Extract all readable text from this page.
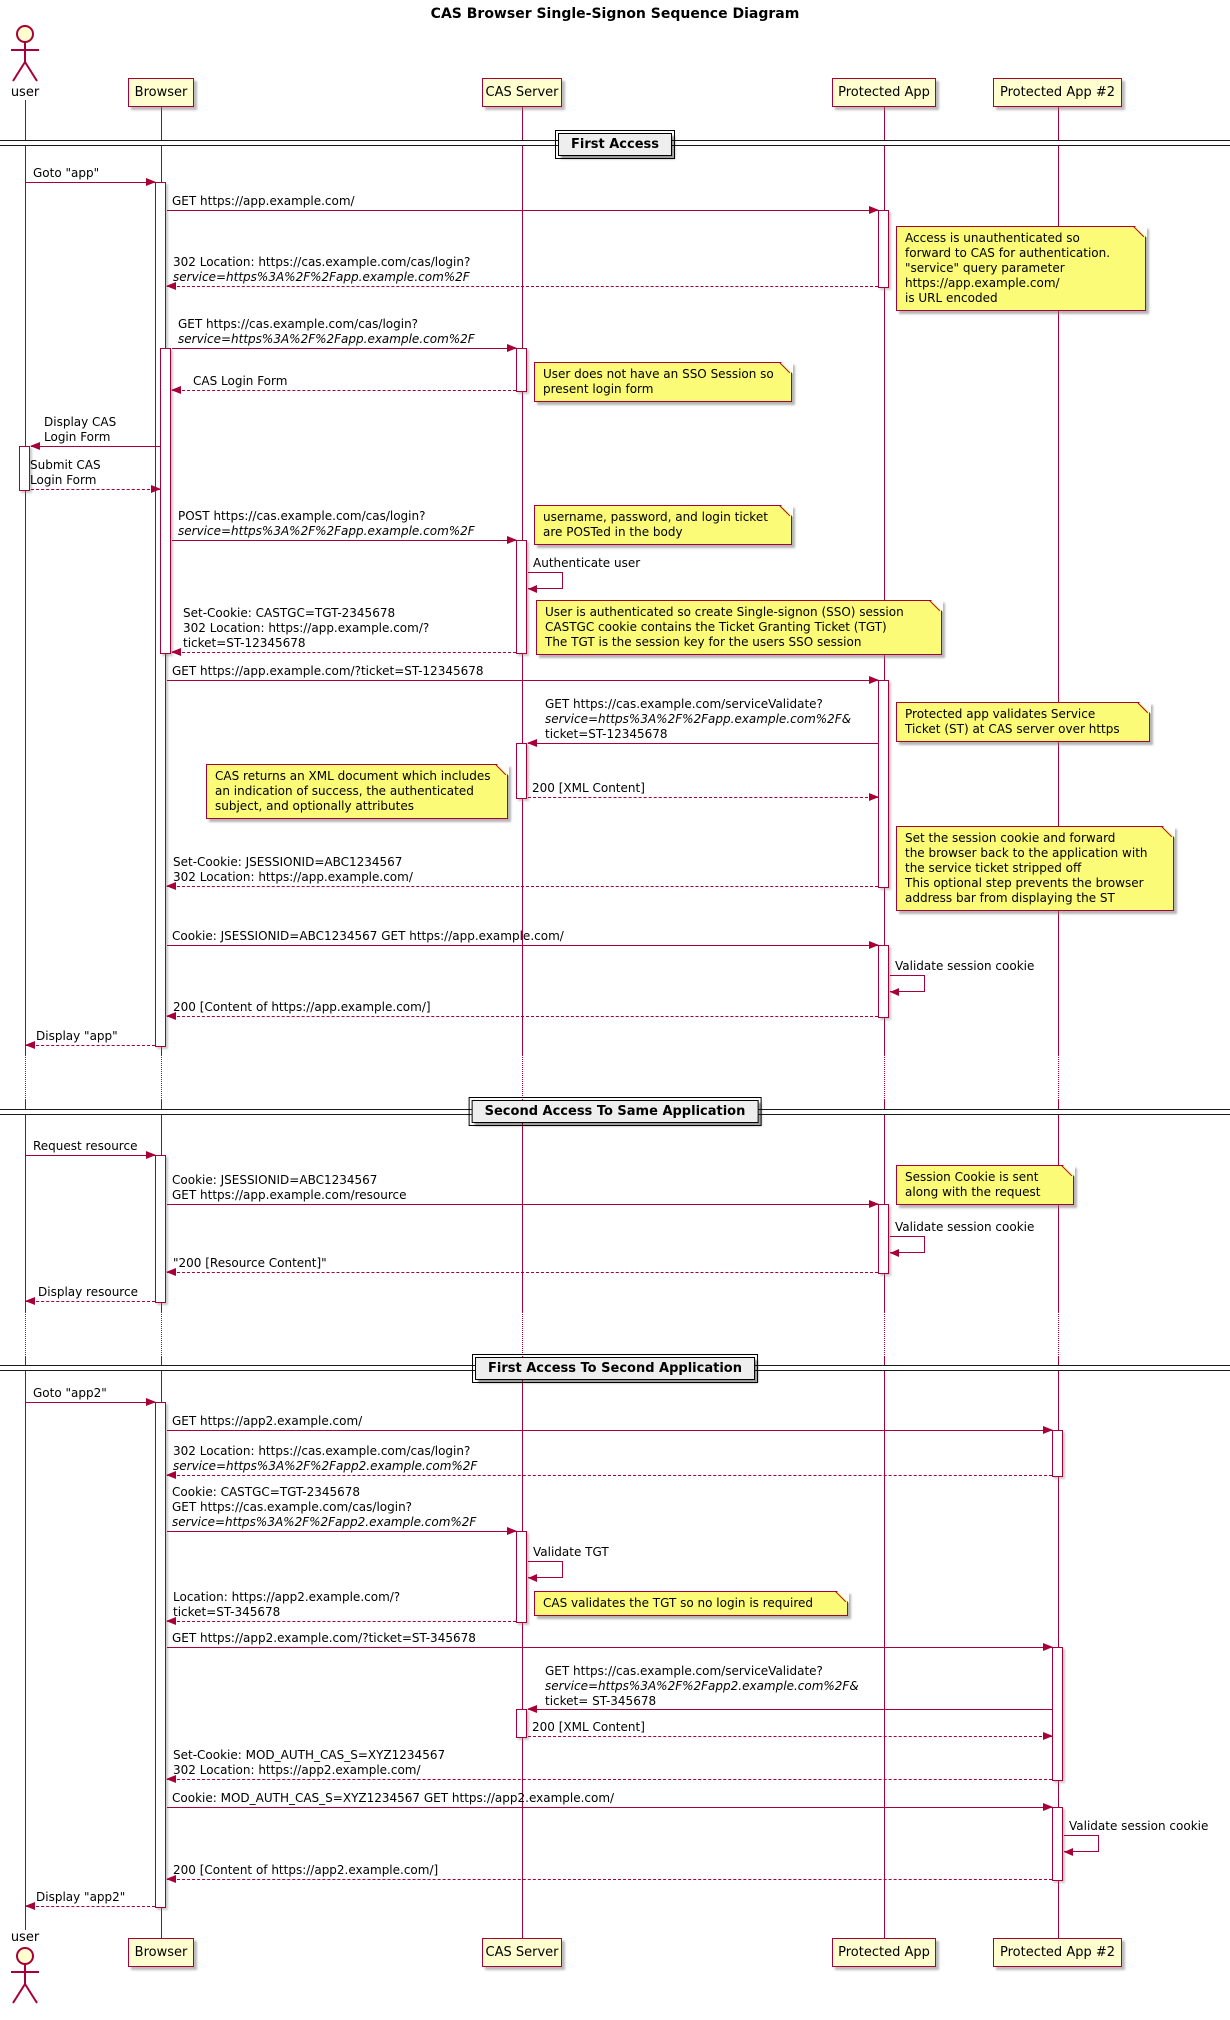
CAS Browser Single-Signon Sequence Diagram
user	Browser	CAS Server	Protected App	Protected App #2
First Access
Second Access To Same Application
First Access To Second Application
Goto "app"
GET https://app.example.com/
Access is unauthenticated so
forward to CAS for authentication.
"service" query parameter
https://app.example.com/
is URL encoded
302 Location: https://cas.example.com/cas/login?
service=https%3A%2F%2Fapp.example.com%2F
GET https://cas.example.com/cas/login?
service=https%3A%2F%2Fapp.example.com%2F
User does not have an SSO Session so
present login form
CAS Login Form
Display CAS
Login Form
Submit CAS
Login Form
POST https://cas.example.com/cas/login?
service=https%3A%2F%2Fapp.example.com%2F
username, password, and login ticket
are POSTed in the body
Authenticate user
User is authenticated so create Single-signon (SSO) session
CASTGC cookie contains the Ticket Granting Ticket (TGT)
The TGT is the session key for the users SSO session
Set-Cookie: CASTGC=TGT-2345678
302 Location: https://app.example.com/?
ticket=ST-12345678
GET https://app.example.com/?ticket=ST-12345678
GET https://cas.example.com/serviceValidate?
service=https%3A%2F%2Fapp.example.com%2F&
ticket=ST-12345678
Protected app validates Service
Ticket (ST) at CAS server over https
CAS returns an XML document which includes
an indication of success, the authenticated
subject, and optionally attributes
200 [XML Content]
Set the session cookie and forward
the browser back to the application with
the service ticket stripped off
This optional step prevents the browser
address bar from displaying the ST
Set-Cookie: JSESSIONID=ABC1234567
302 Location: https://app.example.com/
Cookie: JSESSIONID=ABC1234567 GET https://app.example.com/
Validate session cookie
200 [Content of https://app.example.com/]
Display "app"
Request resource
Cookie: JSESSIONID=ABC1234567
GET https://app.example.com/resource
Session Cookie is sent
along with the request
Validate session cookie
"200 [Resource Content]"
Display resource
Goto "app2"
GET https://app2.example.com/
302 Location: https://cas.example.com/cas/login?
service=https%3A%2F%2Fapp2.example.com%2F
Cookie: CASTGC=TGT-2345678
GET https://cas.example.com/cas/login?
service=https%3A%2F%2Fapp2.example.com%2F
Validate TGT
CAS validates the TGT so no login is required
Location: https://app2.example.com/?
ticket=ST-345678
GET https://app2.example.com/?ticket=ST-345678
GET https://cas.example.com/serviceValidate?
service=https%3A%2F%2Fapp2.example.com%2F&
ticket= ST-345678
200 [XML Content]
Set-Cookie: MOD_AUTH_CAS_S=XYZ1234567
302 Location: https://app2.example.com/
Cookie: MOD_AUTH_CAS_S=XYZ1234567 GET https://app2.example.com/
Validate session cookie
200 [Content of https://app2.example.com/]
Display "app2"
user
Browser	CAS Server	Protected App	Protected App #2
